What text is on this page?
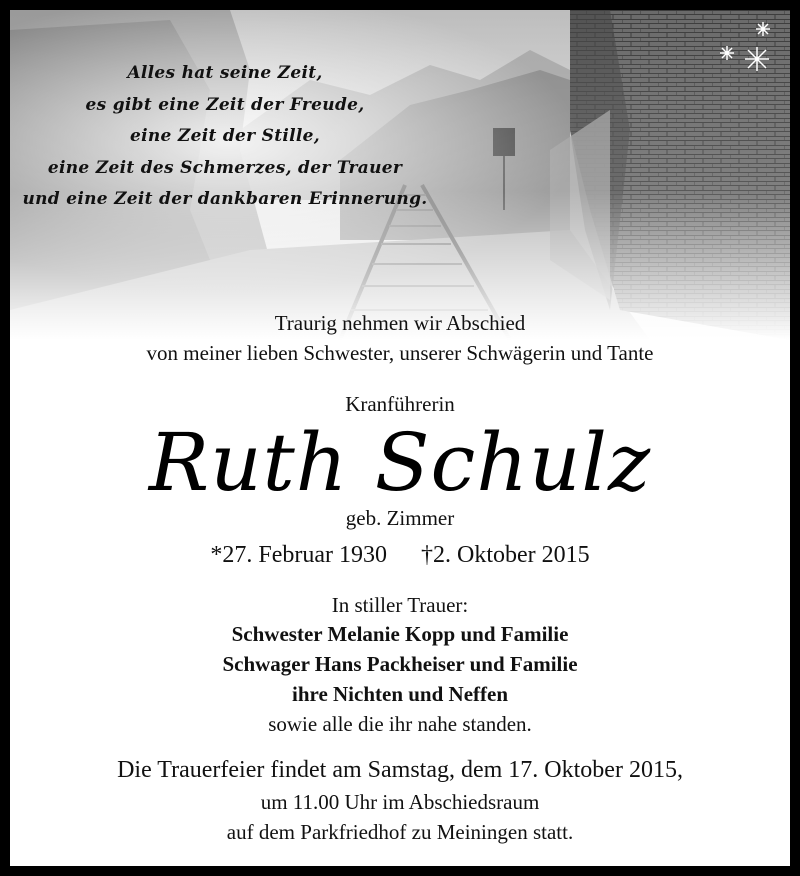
Alles hat seine Zeit,
es gibt eine Zeit der Freude,
eine Zeit der Stille,
eine Zeit des Schmerzes, der Trauer
und eine Zeit der dankbaren Erinnerung.
Traurig nehmen wir Abschied
von meiner lieben Schwester, unserer Schwägerin und Tante
Kranführerin
Ruth Schulz
geb. Zimmer
*27. Februar 1930 †2. Oktober 2015
In stiller Trauer:
Schwester Melanie Kopp und Familie
Schwager Hans Packheiser und Familie
ihre Nichten und Neffen
sowie alle die ihr nahe standen.
Die Trauerfeier findet am Samstag, dem 17. Oktober 2015,
um 11.00 Uhr im Abschiedsraum
auf dem Parkfriedhof zu Meiningen statt.
